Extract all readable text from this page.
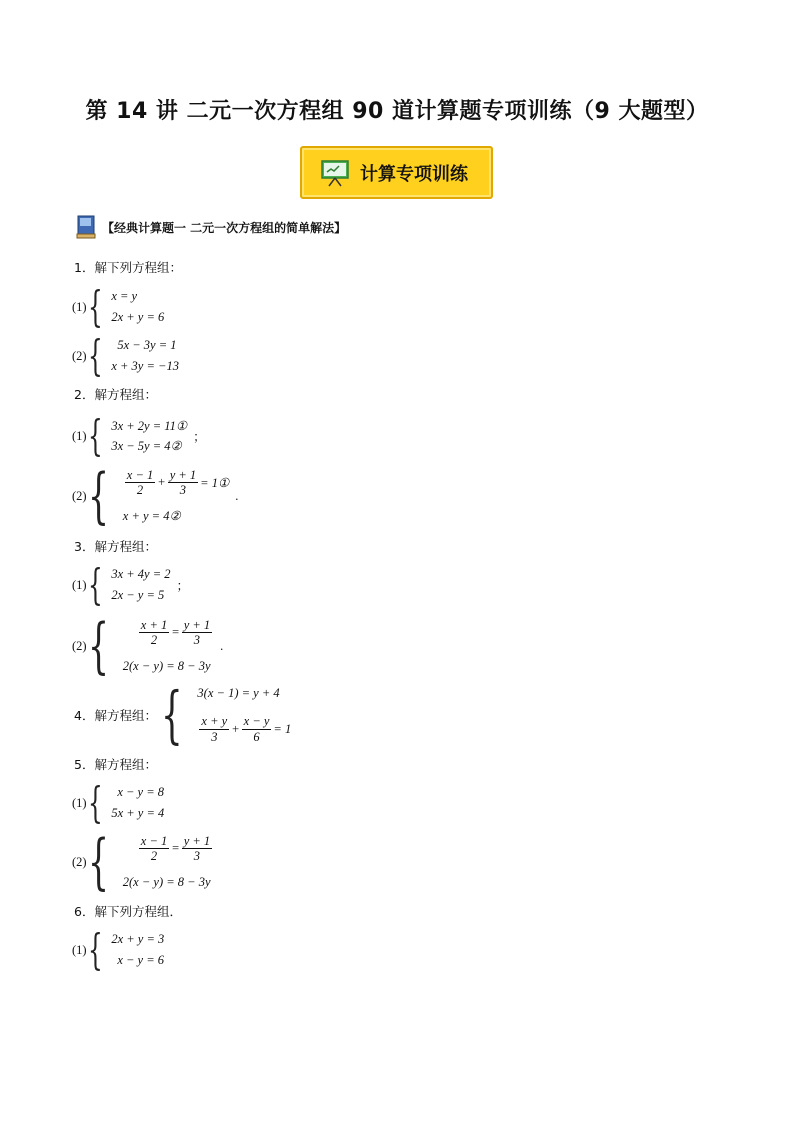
第 14 讲 二元一次方程组 90 道计算题专项训练（9 大题型）
计算专项训练
【经典计算题一 二元一次方程组的简单解法】
1．解下列方程组：
(1) { x = y
2x + y = 6
(2) {	5x − 3y = 1
x + 3y = −13
2．解方程组：
(1) { 3x + 2y = 11①
3x − 5y = 4②
；
(2) { $\frac{x - 1}{2} + \frac{y + 1}{3}$ = 1①
x + y = 4②
.
3．解方程组：
(1) { 3x + 4y = 2
2x − y = 5
；
(2) { $\frac{x + 1}{2} = \frac{y + 1}{3}$
2(x − y) = 8 − 3y
.
4．解方程组： { 3(x − 1) = y + 4
$\frac{x + y}{3} + \frac{x - y}{6} = 1$
5．解方程组：
(1) {	x − y = 8
5x + y = 4
(2) { $\frac{x - 1}{2} = \frac{y + 1}{3}$
2(x − y) = 8 − 3y
6．解下列方程组．
(1) { 2x + y = 3
x − y = 6
